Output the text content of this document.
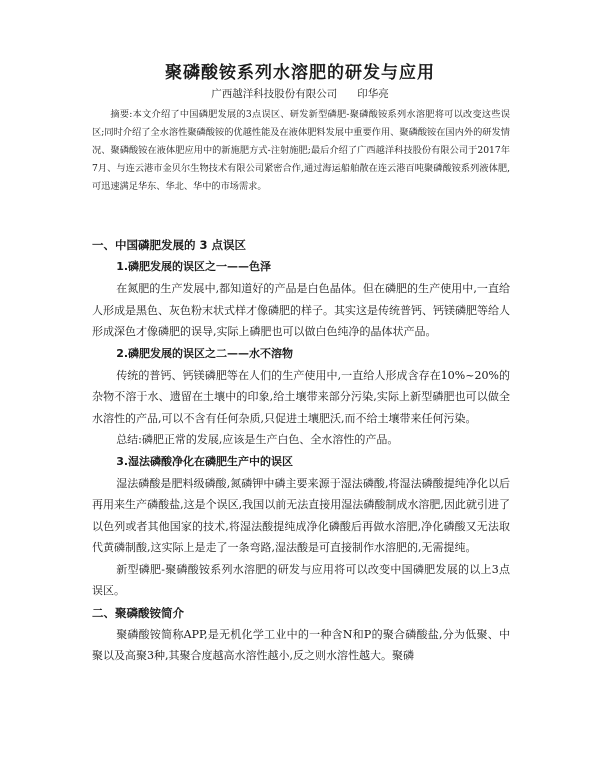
聚磷酸铵系列水溶肥的研发与应用
广西越洋科技股份有限公司 印华亮

摘要:本文介绍了中国磷肥发展的3点误区、研发新型磷肥-聚磷酸铵系列水溶肥将可以改变这些误区;同时介绍了全水溶性聚磷酸铵的优越性能及在液体肥料发展中重要作用、聚磷酸铵在国内外的研发情况、聚磷酸铵在液体肥应用中的新施肥方式-注射施肥;最后介绍了广西越洋科技股份有限公司于2017年7月、与连云港市金贝尔生物技术有限公司紧密合作,通过海运船舶散在连云港百吨聚磷酸铵系列液体肥,可迅速满足华东、华北、华中的市场需求。

一、中国磷肥发展的 3 点误区

1.磷肥发展的误区之一——色泽

在氮肥的生产发展中,都知道好的产品是白色晶体。但在磷肥的生产使用中,一直给人形成是黑色、灰色粉末状式样才像磷肥的样子。其实这是传统普钙、钙镁磷肥等给人形成深色才像磷肥的误导,实际上磷肥也可以做白色纯净的晶体状产品。

2.磷肥发展的误区之二——水不溶物

传统的普钙、钙镁磷肥等在人们的生产使用中,一直给人形成含存在10%~20%的杂物不溶于水、遗留在土壤中的印象,给土壤带来部分污染,实际上新型磷肥也可以做全水溶性的产品,可以不含有任何杂质,只促进土壤肥沃,而不给土壤带来任何污染。

总结:磷肥正常的发展,应该是生产白色、全水溶性的产品。

3.湿法磷酸净化在磷肥生产中的误区

湿法磷酸是肥料级磷酸,氮磷钾中磷主要来源于湿法磷酸,将湿法磷酸提纯净化以后再用来生产磷酸盐,这是个误区,我国以前无法直接用湿法磷酸制成水溶肥,因此就引进了以色列或者其他国家的技术,将湿法酸提纯成净化磷酸后再做水溶肥,净化磷酸又无法取代黄磷制酸,这实际上是走了一条弯路,湿法酸是可直接制作水溶肥的,无需提纯。

新型磷肥-聚磷酸铵系列水溶肥的研发与应用将可以改变中国磷肥发展的以上3点误区。

二、聚磷酸铵简介

聚磷酸铵简称APP,是无机化学工业中的一种含N和P的聚合磷酸盐,分为低聚、中聚以及高聚3种,其聚合度越高水溶性越小,反之则水溶性越大。聚磷
